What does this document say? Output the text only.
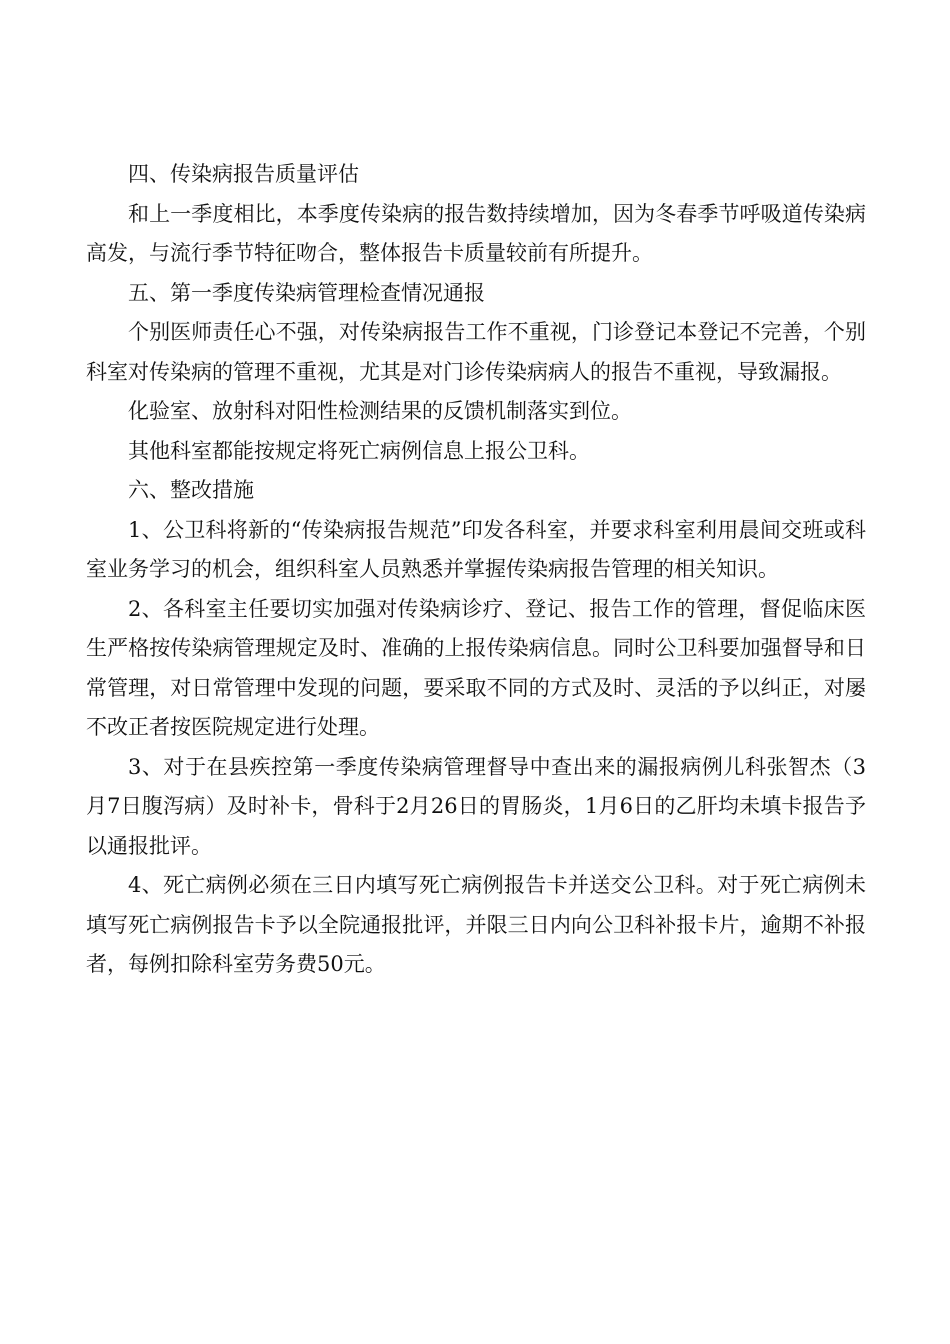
四、传染病报告质量评估

和上一季度相比，本季度传染病的报告数持续增加，因为冬春季节呼吸道传染病高发，与流行季节特征吻合，整体报告卡质量较前有所提升。

五、第一季度传染病管理检查情况通报

个别医师责任心不强，对传染病报告工作不重视，门诊登记本登记不完善，个别科室对传染病的管理不重视，尤其是对门诊传染病病人的报告不重视，导致漏报。

化验室、放射科对阳性检测结果的反馈机制落实到位。

其他科室都能按规定将死亡病例信息上报公卫科。

六、整改措施

1、公卫科将新的“传染病报告规范”印发各科室，并要求科室利用晨间交班或科室业务学习的机会，组织科室人员熟悉并掌握传染病报告管理的相关知识。

2、各科室主任要切实加强对传染病诊疗、登记、报告工作的管理，督促临床医生严格按传染病管理规定及时、准确的上报传染病信息。同时公卫科要加强督导和日常管理，对日常管理中发现的问题，要采取不同的方式及时、灵活的予以纠正，对屡不改正者按医院规定进行处理。

3、对于在县疾控第一季度传染病管理督导中查出来的漏报病例儿科张智杰（3月7日腹泻病）及时补卡，骨科于2月26日的胃肠炎，1月6日的乙肝均未填卡报告予以通报批评。

4、死亡病例必须在三日内填写死亡病例报告卡并送交公卫科。对于死亡病例未填写死亡病例报告卡予以全院通报批评，并限三日内向公卫科补报卡片，逾期不补报者，每例扣除科室劳务费50元。
